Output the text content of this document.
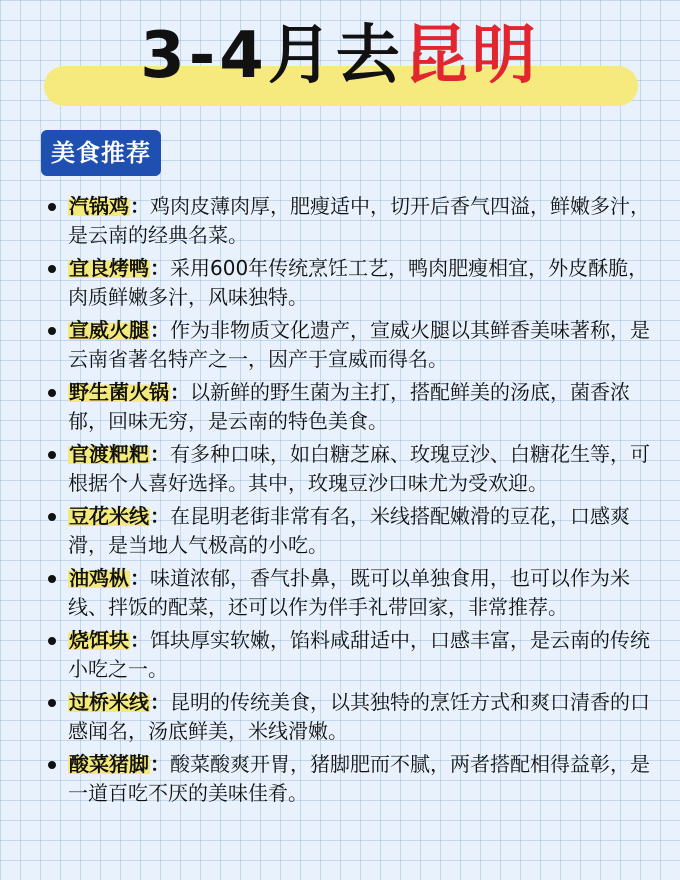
3-4月去昆明
美食推荐
汽锅鸡：鸡肉皮薄肉厚，肥瘦适中，切开后香气四溢，鲜嫩多汁，是云南的经典名菜。
宜良烤鸭：采用600年传统烹饪工艺，鸭肉肥瘦相宜，外皮酥脆，肉质鲜嫩多汁，风味独特。
宣威火腿：作为非物质文化遗产，宣威火腿以其鲜香美味著称，是云南省著名特产之一，因产于宣威而得名。
野生菌火锅：以新鲜的野生菌为主打，搭配鲜美的汤底，菌香浓郁，回味无穷，是云南的特色美食。
官渡粑粑：有多种口味，如白糖芝麻、玫瑰豆沙、白糖花生等，可根据个人喜好选择。其中，玫瑰豆沙口味尤为受欢迎。
豆花米线：在昆明老街非常有名，米线搭配嫩滑的豆花，口感爽滑，是当地人气极高的小吃。
油鸡枞：味道浓郁，香气扑鼻，既可以单独食用，也可以作为米线、拌饭的配菜，还可以作为伴手礼带回家，非常推荐。
烧饵块：饵块厚实软嫩，馅料咸甜适中，口感丰富，是云南的传统小吃之一。
过桥米线：昆明的传统美食，以其独特的烹饪方式和爽口清香的口感闻名，汤底鲜美，米线滑嫩。
酸菜猪脚：酸菜酸爽开胃，猪脚肥而不腻，两者搭配相得益彰，是一道百吃不厌的美味佳肴。
